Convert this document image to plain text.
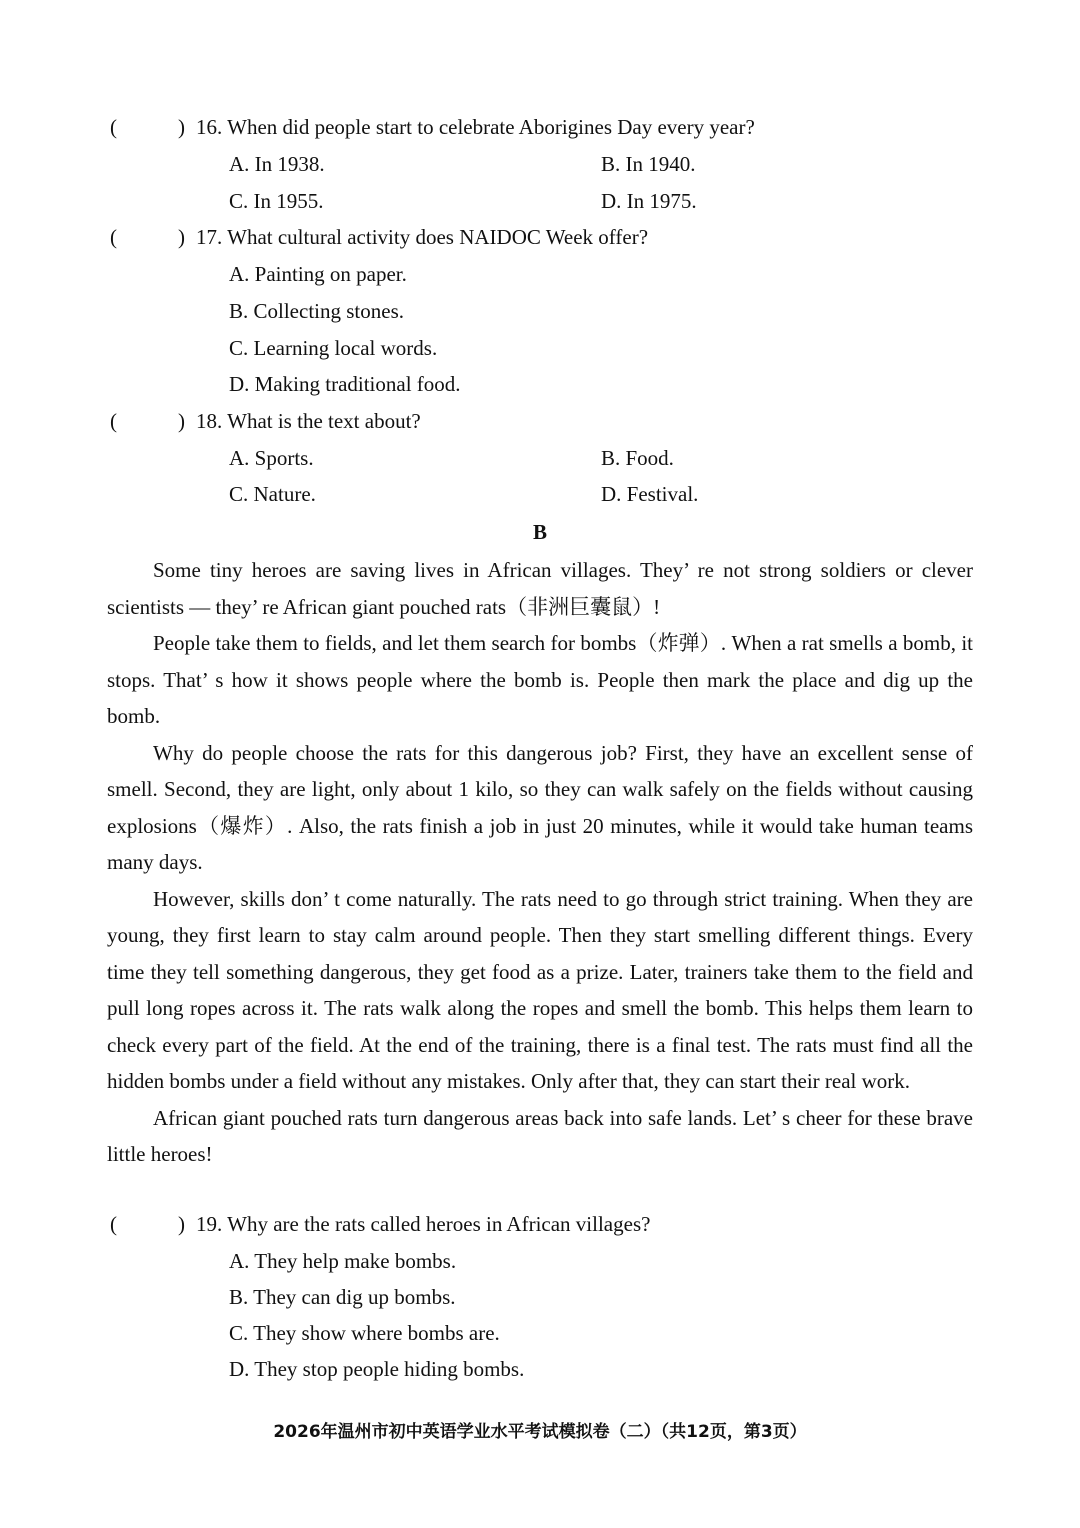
(	) 16. When did people start to celebrate Aborigines Day every year?
A. In 1938.	B. In 1940.
C. In 1955.	D. In 1975.
(	) 17. What cultural activity does NAIDOC Week offer?
A. Painting on paper.
B. Collecting stones.
C. Learning local words.
D. Making traditional food.
(	) 18. What is the text about?
A. Sports.	B. Food.
C. Nature.	D. Festival.
B

Some tiny heroes are saving lives in African villages. They’ re not strong soldiers or clever scientists — they’ re African giant pouched rats（非洲巨囊鼠）!

People take them to fields, and let them search for bombs（炸弹）. When a rat smells a bomb, it stops. That’ s how it shows people where the bomb is. People then mark the place and dig up the bomb.

Why do people choose the rats for this dangerous job? First, they have an excellent sense of smell. Second, they are light, only about 1 kilo, so they can walk safely on the fields without causing explosions（爆炸）. Also, the rats finish a job in just 20 minutes, while it would take human teams many days.

However, skills don’ t come naturally. The rats need to go through strict training. When they are young, they first learn to stay calm around people. Then they start smelling different things. Every time they tell something dangerous, they get food as a prize. Later, trainers take them to the field and pull long ropes across it. The rats walk along the ropes and smell the bomb. This helps them learn to check every part of the field. At the end of the training, there is a final test. The rats must find all the hidden bombs under a field without any mistakes. Only after that, they can start their real work.

African giant pouched rats turn dangerous areas back into safe lands. Let’ s cheer for these brave little heroes!

(	) 19. Why are the rats called heroes in African villages?
A. They help make bombs.
B. They can dig up bombs.
C. They show where bombs are.
D. They stop people hiding bombs.
2026年温州市初中英语学业水平考试模拟卷（二）（共12页，第3页）
